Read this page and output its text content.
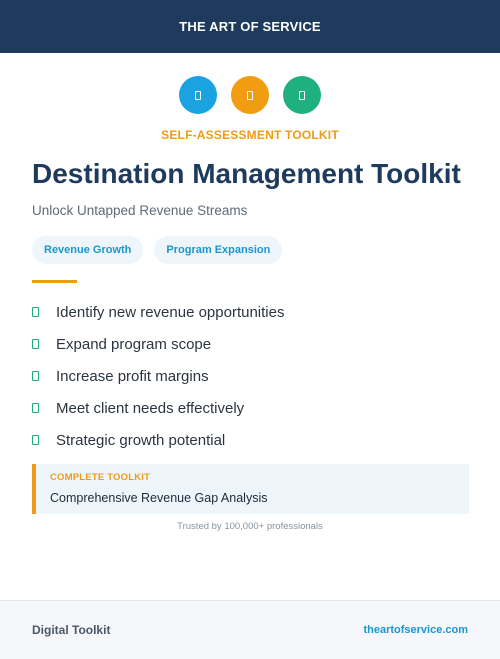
THE ART OF SERVICE
SELF-ASSESSMENT TOOLKIT
Destination Management Toolkit
Unlock Untapped Revenue Streams
Revenue Growth	Program Expansion
Identify new revenue opportunities
Expand program scope
Increase profit margins
Meet client needs effectively
Strategic growth potential
COMPLETE TOOLKIT
Comprehensive Revenue Gap Analysis
Trusted by 100,000+ professionals
Digital Toolkit	theartofservice.com
